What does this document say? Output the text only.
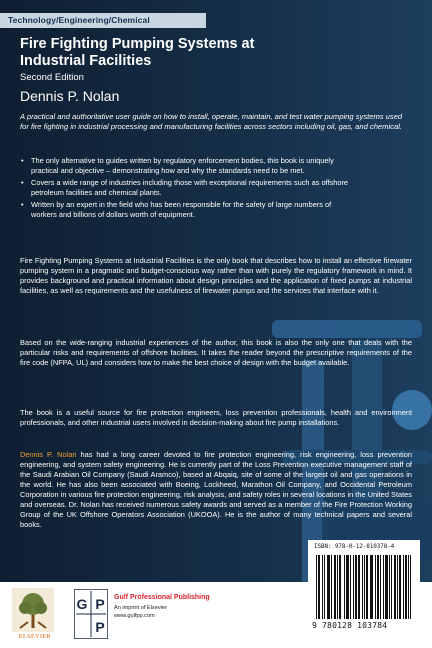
Technology/Engineering/Chemical
Fire Fighting Pumping Systems at Industrial Facilities
Second Edition
Dennis P. Nolan
A practical and authoritative user guide on how to install, operate, maintain, and test water pumping systems used for fire fighting in industrial processing and manufacturing facilities across sectors including oil, gas, and chemical.
• The only alternative to guides written by regulatory enforcement bodies, this book is uniquely practical and objective – demonstrating how and why the standards need to be met.
• Covers a wide range of industries including those with exceptional requirements such as offshore petroleum facilities and chemical plants.
• Written by an expert in the field who has been responsible for the safety of large numbers of workers and billions of dollars worth of equipment.

Fire Fighting Pumping Systems at Industrial Facilities is the only book that describes how to install an effective firewater pumping system in a pragmatic and budget-conscious way rather than with purely the regulatory framework in mind. It provides background and practical information about design principles and the application of fixed pumps at industrial facilities, as well as requirements and the usefulness of firewater pumps and the services that interface with it.

Based on the wide-ranging industrial experiences of the author, this book is also the only one that deals with the particular risks and requirements of offshore facilities. It takes the reader beyond the prescriptive requirements of the fire code (NFPA, UL) and considers how to make the best choice of design with the budget available.

The book is a useful source for fire protection engineers, loss prevention professionals, health and environment professionals, and other industrial users involved in decision-making about fire pump installations.

Dennis P. Nolan has had a long career devoted to fire protection engineering, risk engineering, loss prevention engineering, and system safety engineering. He is currently part of the Loss Prevention executive management staff of the Saudi Arabian Oil Company (Saudi Aramco), based at Abqaiq, site of some of the largest oil and gas operations in the world. He has also been associated with Boeing, Lockheed, Marathon Oil Company, and Occidental Petroleum Corporation in various fire protection engineering, risk analysis, and safety roles in several locations in the United States and overseas. Dr. Nolan has received numerous safety awards and served as a member of the Fire Protection Working Group of the UK Offshore Operators Association (UKOOA). He is the author of many technical papers and several books.

ELSEVIER
G P
P
Gulf Professional Publishing
An imprint of Elsevier
www.gulfpp.com
ISBN: 978-0-12-810378-4
9 780128 103784
